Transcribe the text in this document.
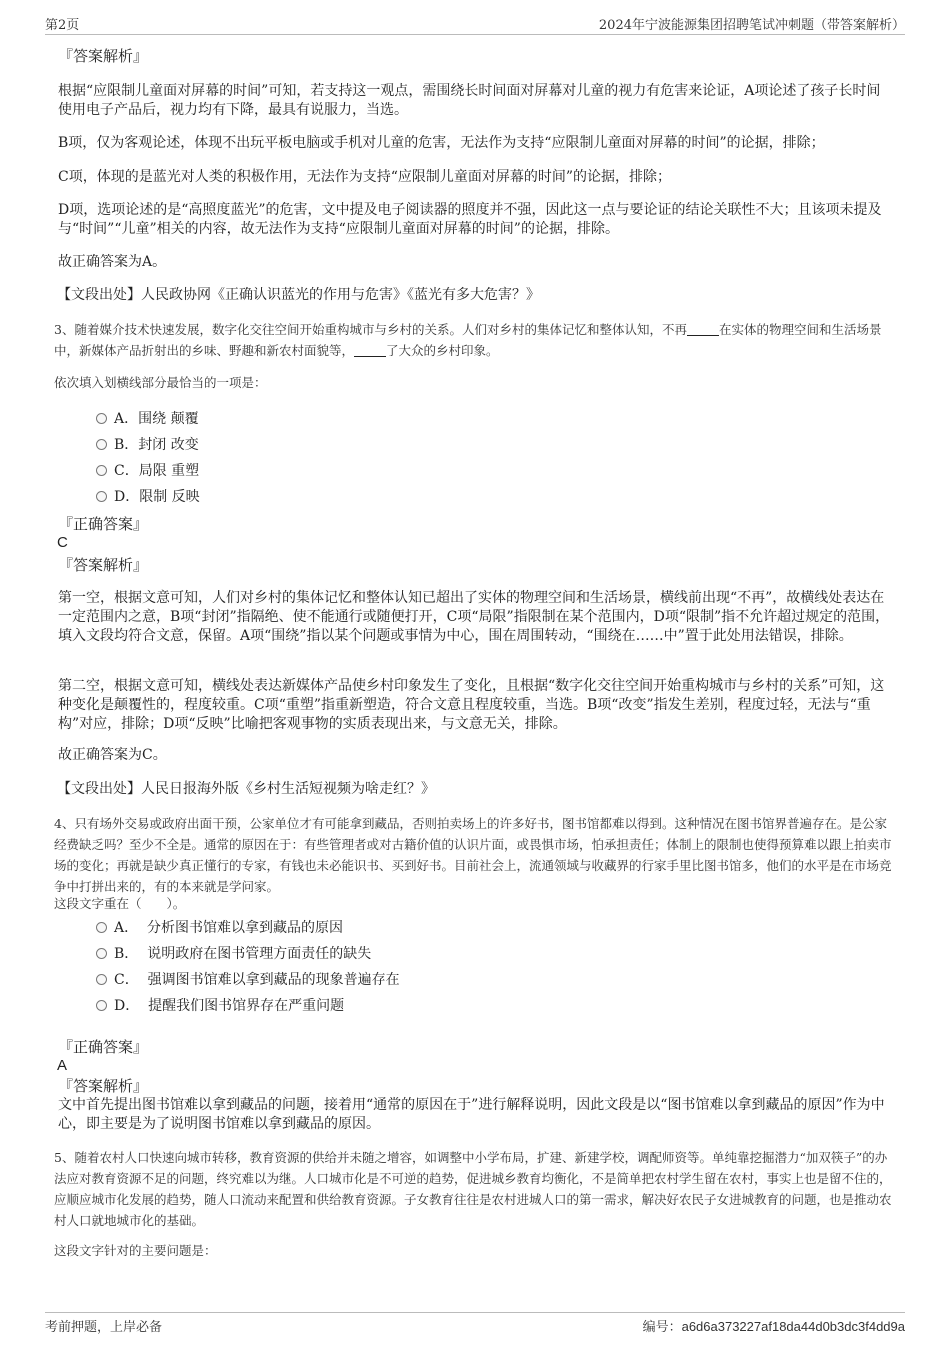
第2页	2024年宁波能源集团招聘笔试冲刺题（带答案解析）
『答案解析』
根据“应限制儿童面对屏幕的时间”可知，若支持这一观点，需围绕长时间面对屏幕对儿童的视力有危害来论证，A项论述了孩子长时间使用电子产品后，视力均有下降，最具有说服力，当选。
B项，仅为客观论述，体现不出玩平板电脑或手机对儿童的危害，无法作为支持“应限制儿童面对屏幕的时间”的论据，排除；
C项，体现的是蓝光对人类的积极作用，无法作为支持“应限制儿童面对屏幕的时间”的论据，排除；
D项，选项论述的是“高照度蓝光”的危害，文中提及电子阅读器的照度并不强，因此这一点与要论证的结论关联性不大；且该项未提及与“时间”“儿童”相关的内容，故无法作为支持“应限制儿童面对屏幕的时间”的论据，排除。
故正确答案为A。
【文段出处】人民政协网《正确认识蓝光的作用与危害》《蓝光有多大危害？》
3、随着媒介技术快速发展，数字化交往空间开始重构城市与乡村的关系。人们对乡村的集体记忆和整体认知，不再	在实体的物理空间和生活场景中，新媒体产品折射出的乡味、野趣和新农村面貌等，	了大众的乡村印象。
依次填入划横线部分最恰当的一项是：
A．围绕 颠覆
B．封闭 改变
C．局限 重塑
D．限制 反映
『正确答案』
C
『答案解析』
第一空，根据文意可知，人们对乡村的集体记忆和整体认知已超出了实体的物理空间和生活场景，横线前出现“不再”，故横线处表达在一定范围内之意，B项“封闭”指隔绝、使不能通行或随便打开，C项“局限”指限制在某个范围内，D项“限制”指不允许超过规定的范围，填入文段均符合文意，保留。A项“围绕”指以某个问题或事情为中心，围在周围转动，“围绕在……中”置于此处用法错误，排除。
第二空，根据文意可知，横线处表达新媒体产品使乡村印象发生了变化，且根据“数字化交往空间开始重构城市与乡村的关系”可知，这种变化是颠覆性的，程度较重。C项“重塑”指重新塑造，符合文意且程度较重，当选。B项“改变”指发生差别，程度过轻，无法与“重构”对应，排除；D项“反映”比喻把客观事物的实质表现出来，与文意无关，排除。
故正确答案为C。
【文段出处】人民日报海外版《乡村生活短视频为啥走红？》
4、只有场外交易或政府出面干预，公家单位才有可能拿到藏品，否则拍卖场上的许多好书，图书馆都难以得到。这种情况在图书馆界普遍存在。是公家经费缺乏吗？至少不全是。通常的原因在于：有些管理者或对古籍价值的认识片面，或畏惧市场，怕承担责任；体制上的限制也使得预算难以跟上拍卖市场的变化；再就是缺少真正懂行的专家，有钱也未必能识书、买到好书。目前社会上，流通领域与收藏界的行家手里比图书馆多，他们的水平是在市场竞争中打拼出来的，有的本来就是学问家。
这段文字重在（　　）。
A． 分析图书馆难以拿到藏品的原因
B． 说明政府在图书管理方面责任的缺失
C． 强调图书馆难以拿到藏品的现象普遍存在
D． 提醒我们图书馆界存在严重问题
『正确答案』
A
『答案解析』
文中首先提出图书馆难以拿到藏品的问题，接着用“通常的原因在于”进行解释说明，因此文段是以“图书馆难以拿到藏品的原因”作为中心，即主要是为了说明图书馆难以拿到藏品的原因。
5、随着农村人口快速向城市转移，教育资源的供给并未随之增容，如调整中小学布局，扩建、新建学校，调配师资等。单纯靠挖掘潜力“加双筷子”的办法应对教育资源不足的问题，终究难以为继。人口城市化是不可逆的趋势，促进城乡教育均衡化，不是简单把农村学生留在农村，事实上也是留不住的，应顺应城市化发展的趋势，随人口流动来配置和供给教育资源。子女教育往往是农村进城人口的第一需求，解决好农民子女进城教育的问题，也是推动农村人口就地城市化的基础。
这段文字针对的主要问题是：
考前押题，上岸必备	编号：a6d6a373227af18da44d0b3dc3f4dd9a
